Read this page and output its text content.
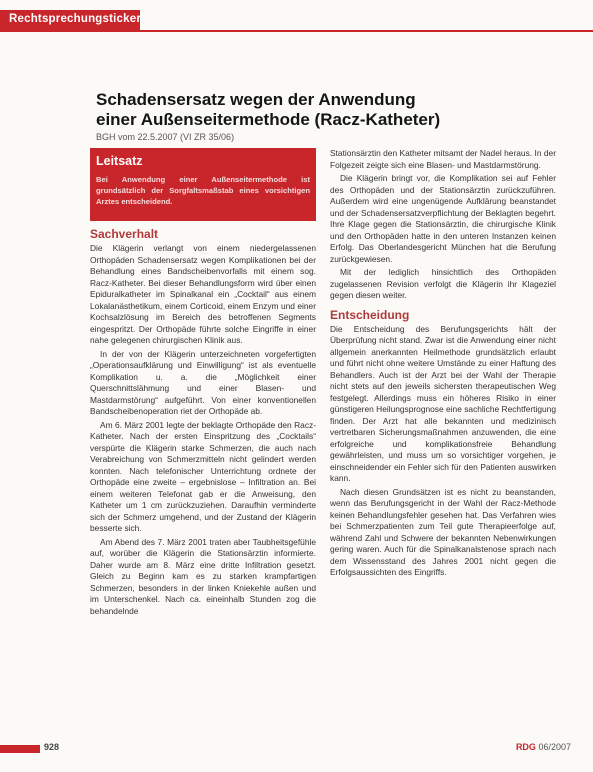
Rechtsprechungsticker
Schadensersatz wegen der Anwendung einer Außenseitermethode (Racz-Katheter)
BGH vom 22.5.2007 (VI ZR 35/06)
Leitsatz
Bei Anwendung einer Außenseitermethode ist grundsätzlich der Sorgfaltsmaßstab eines vorsichtigen Arztes entscheidend.
Sachverhalt

Die Klägerin verlangt von einem niedergelassenen Orthopäden Schadensersatz wegen Komplikationen bei der Behandlung eines Bandscheibenvorfalls mit einem sog. Racz-Katheter. Bei dieser Behandlungsform wird über einen Epiduralkatheter im Spinalkanal ein „Cocktail“ aus einem Lokalanästhetikum, einem Corticoid, einem Enzym und einer Kochsalzlösung im Bereich des betroffenen Segments eingespritzt. Der Orthopäde führte solche Eingriffe in einer nahe gelegenen chirurgischen Klinik aus.

In der von der Klägerin unterzeichneten vorgefertigten „Operationsaufklärung und Einwilligung“ ist als eventuelle Komplikation u. a. die „Möglichkeit einer Querschnittslähmung und einer Blasen- und Mastdarmstörung“ aufgeführt. Von einer konventionellen Bandscheibenoperation riet der Orthopäde ab.

Am 6. März 2001 legte der beklagte Orthopäde den Racz-Katheter. Nach der ersten Einspritzung des „Cocktails“ verspürte die Klägerin starke Schmerzen, die auch nach Verabreichung von Schmerzmitteln nicht gelindert werden konnten. Nach telefonischer Unterrichtung ordnete der Orthopäde eine zweite – ergebnislose – Infiltration an. Bei einem weiteren Telefonat gab er die Anweisung, den Katheter um 1 cm zurückzuziehen. Daraufhin verminderte sich der Schmerz umgehend, und der Zustand der Klägerin besserte sich.

Am Abend des 7. März 2001 traten aber Taubheitsgefühle auf, worüber die Klägerin die Stationsärztin informierte. Daher wurde am 8. März eine dritte Infiltration gesetzt. Gleich zu Beginn kam es zu starken krampfartigen Schmerzen, besonders in der linken Kniekehle außen und im Unterschenkel. Nach ca. eineinhalb Stunden zog die behandelnde

Stationsärztin den Katheter mitsamt der Nadel heraus. In der Folgezeit zeigte sich eine Blasen- und Mastdarmstörung.

Die Klägerin bringt vor, die Komplikation sei auf Fehler des Orthopäden und der Stationsärztin zurückzuführen. Außerdem wird eine ungenügende Aufklärung beanstandet und der Schadensersatzverpflichtung der Beklagten begehrt. Ihre Klage gegen die Stationsärztin, die chirurgische Klinik und den Orthopäden hatte in den unteren Instanzen keinen Erfolg. Das Oberlandesgericht München hat die Berufung zurückgewiesen.

Mit der lediglich hinsichtlich des Orthopäden zugelassenen Revision verfolgt die Klägerin ihr Klageziel gegen diesen weiter.

Entscheidung

Die Entscheidung des Berufungsgerichts hält der Überprüfung nicht stand. Zwar ist die Anwendung einer nicht allgemein anerkannten Heilmethode grundsätzlich erlaubt und führt nicht ohne weitere Umstände zu einer Haftung des Behandlers. Auch ist der Arzt bei der Wahl der Therapie nicht stets auf den jeweils sichersten therapeutischen Weg festgelegt. Allerdings muss ein höheres Risiko in einer günstigeren Heilungsprognose eine sachliche Rechtfertigung finden. Der Arzt hat alle bekannten und medizinisch vertretbaren Sicherungsmaßnahmen anzuwenden, die eine erfolgreiche und komplikationsfreie Behandlung gewährleisten, und muss um so vorsichtiger vorgehen, je einschneidender ein Fehler sich für den Patienten auswirken kann.

Nach diesen Grundsätzen ist es nicht zu beanstanden, wenn das Berufungsgericht in der Wahl der Racz-Methode keinen Behandlungsfehler gesehen hat. Das Verfahren wies bei Schmerzpatienten zum Teil gute Therapieerfolge auf, während Zahl und Schwere der bekannten Nebenwirkungen gering waren. Auch für die Spinalkanalstenose sprach nach dem Wissensstand des Jahres 2001 nicht gegen die Erfolgsaussichten des Eingriffs.

928	RDG 06/2007
